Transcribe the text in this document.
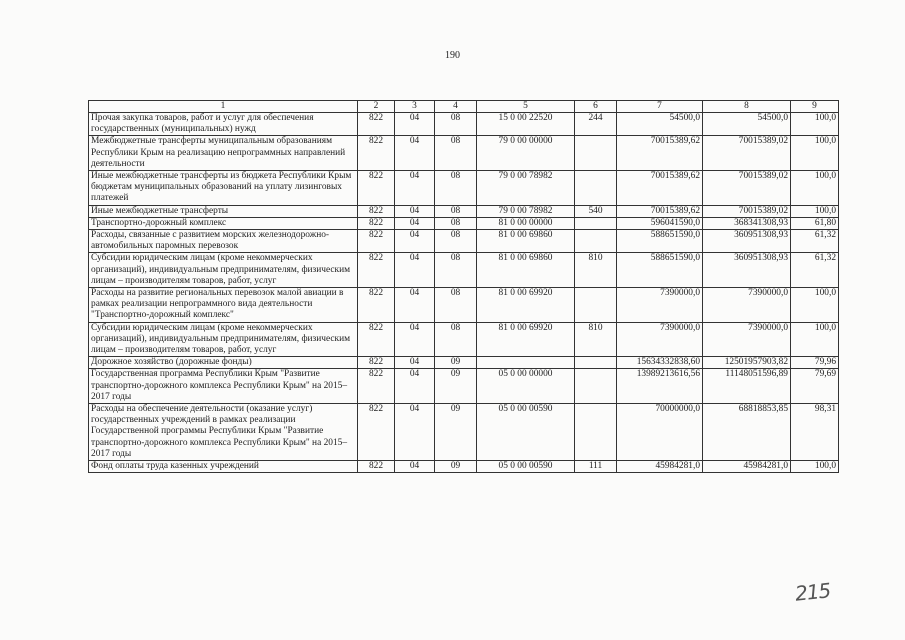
190
1	2	3	4	5	6	7	8	9
Прочая закупка товаров, работ и услуг для обеспечения государственных (муниципальных) нужд	822	04	08	15 0 00 22520	244	54500,0	54500,0	100,0
Межбюджетные трансферты муниципальным образованиям Республики Крым на реализацию непрограммных направлений деятельности	822	04	08	79 0 00 00000		70015389,62	70015389,02	100,0
Иные межбюджетные трансферты из бюджета Республики Крым бюджетам муниципальных образований на уплату лизинговых платежей	822	04	08	79 0 00 78982		70015389,62	70015389,02	100,0
Иные межбюджетные трансферты	822	04	08	79 0 00 78982	540	70015389,62	70015389,02	100,0
Транспортно-дорожный комплекс	822	04	08	81 0 00 00000		596041590,0	368341308,93	61,80
Расходы, связанные с развитием морских железнодорожно-автомобильных паромных перевозок	822	04	08	81 0 00 69860		588651590,0	360951308,93	61,32
Субсидии юридическим лицам (кроме некоммерческих организаций), индивидуальным предпринимателям, физическим лицам – производителям товаров, работ, услуг	822	04	08	81 0 00 69860	810	588651590,0	360951308,93	61,32
Расходы на развитие региональных перевозок малой авиации в рамках реализации непрограммного вида деятельности "Транспортно-дорожный комплекс"	822	04	08	81 0 00 69920		7390000,0	7390000,0	100,0
Субсидии юридическим лицам (кроме некоммерческих организаций), индивидуальным предпринимателям, физическим лицам – производителям товаров, работ, услуг	822	04	08	81 0 00 69920	810	7390000,0	7390000,0	100,0
Дорожное хозяйство (дорожные фонды)	822	04	09			15634332838,60	12501957903,82	79,96
Государственная программа Республики Крым "Развитие транспортно-дорожного комплекса Республики Крым" на 2015–2017 годы	822	04	09	05 0 00 00000		13989213616,56	11148051596,89	79,69
Расходы на обеспечение деятельности (оказание услуг) государственных учреждений в рамках реализации Государственной программы Республики Крым "Развитие транспортно-дорожного комплекса Республики Крым" на 2015–2017 годы	822	04	09	05 0 00 00590		70000000,0	68818853,85	98,31
Фонд оплаты труда казенных учреждений	822	04	09	05 0 00 00590	111	45984281,0	45984281,0	100,0
215
